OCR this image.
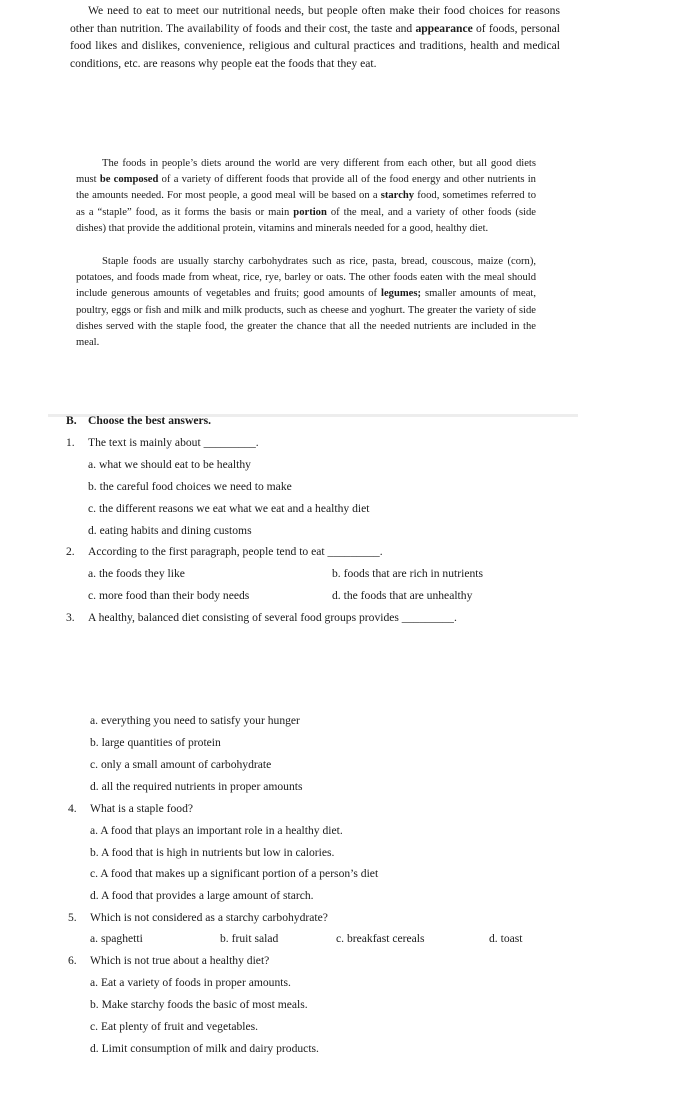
We need to eat to meet our nutritional needs, but people often make their food choices for reasons other than nutrition. The availability of foods and their cost, the taste and appearance of foods, personal food likes and dislikes, convenience, religious and cultural practices and traditions, health and medical conditions, etc. are reasons why people eat the foods that they eat.
The foods in people’s diets around the world are very different from each other, but all good diets must be composed of a variety of different foods that provide all of the food energy and other nutrients in the amounts needed. For most people, a good meal will be based on a starchy food, sometimes referred to as a “staple” food, as it forms the basis or main portion of the meal, and a variety of other foods (side dishes) that provide the additional protein, vitamins and minerals needed for a good, healthy diet.
Staple foods are usually starchy carbohydrates such as rice, pasta, bread, couscous, maize (corn), potatoes, and foods made from wheat, rice, rye, barley or oats. The other foods eaten with the meal should include generous amounts of vegetables and fruits; good amounts of legumes; smaller amounts of meat, poultry, eggs or fish and milk and milk products, such as cheese and yoghurt. The greater the variety of side dishes served with the staple food, the greater the chance that all the needed nutrients are included in the meal.
B. Choose the best answers.
1. The text is mainly about _________.
a. what we should eat to be healthy
b. the careful food choices we need to make
c. the different reasons we eat what we eat and a healthy diet
d. eating habits and dining customs
2. According to the first paragraph, people tend to eat _________.
a. the foods they like	b. foods that are rich in nutrients
c. more food than their body needs	d. the foods that are unhealthy
3. A healthy, balanced diet consisting of several food groups provides _________.
a. everything you need to satisfy your hunger
b. large quantities of protein
c. only a small amount of carbohydrate
d. all the required nutrients in proper amounts
4. What is a staple food?
a. A food that plays an important role in a healthy diet.
b. A food that is high in nutrients but low in calories.
c. A food that makes up a significant portion of a person’s diet
d. A food that provides a large amount of starch.
5. Which is not considered as a starchy carbohydrate?
a. spaghetti	b. fruit salad	c. breakfast cereals	d. toast
6. Which is not true about a healthy diet?
a. Eat a variety of foods in proper amounts.
b. Make starchy foods the basic of most meals.
c. Eat plenty of fruit and vegetables.
d. Limit consumption of milk and dairy products.
